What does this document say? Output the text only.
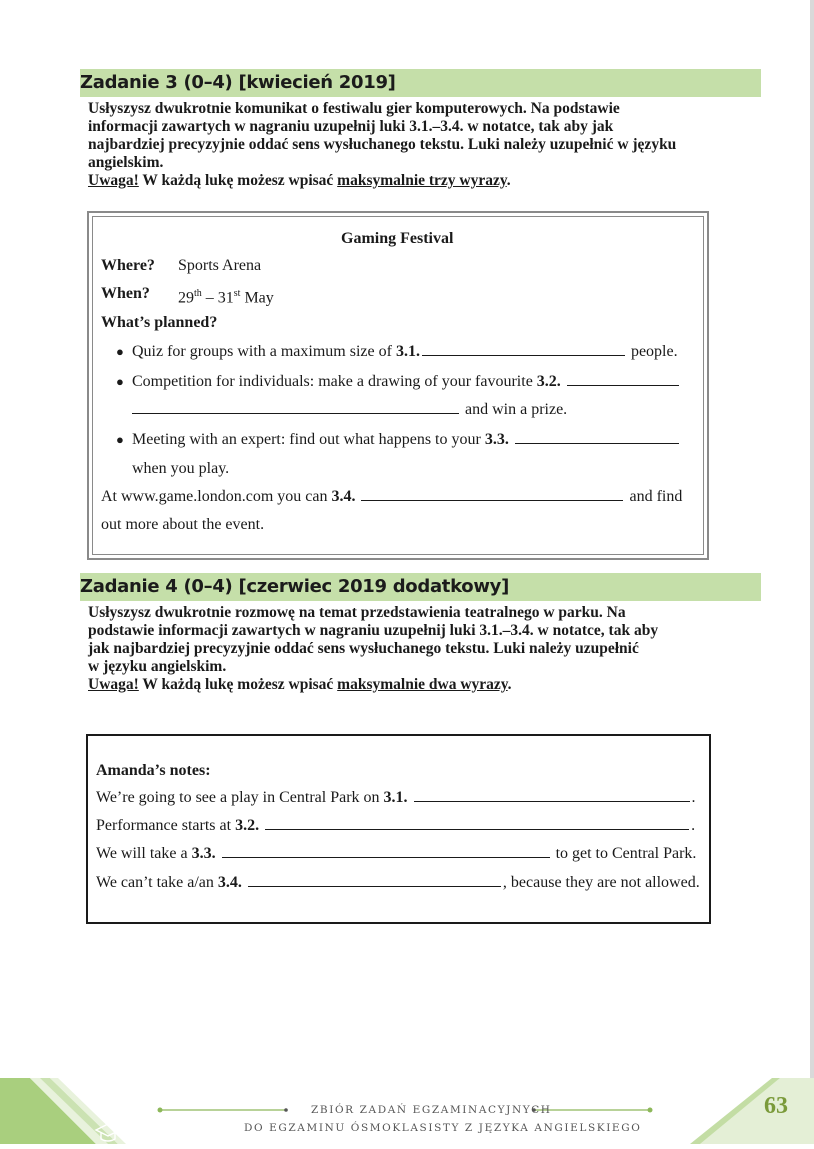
Zadanie 3 (0–4) [kwiecień 2019]
Usłyszysz dwukrotnie komunikat o festiwalu gier komputerowych. Na podstawie
informacji zawartych w nagraniu uzupełnij luki 3.1.–3.4. w notatce, tak aby jak
najbardziej precyzyjnie oddać sens wysłuchanego tekstu. Luki należy uzupełnić w języku
angielskim.
Uwaga! W każdą lukę możesz wpisać maksymalnie trzy wyrazy.
Gaming Festival
Where? Sports Arena
When? 29th – 31st May
What’s planned?
● Quiz for groups with a maximum size of 3.1.	people.
● Competition for individuals: make a drawing of your favourite 3.2.
and win a prize.
● Meeting with an expert: find out what happens to your 3.3.
when you play.
At www.game.london.com you can 3.4.	and find
out more about the event.
Zadanie 4 (0–4) [czerwiec 2019 dodatkowy]
Usłyszysz dwukrotnie rozmowę na temat przedstawienia teatralnego w parku. Na
podstawie informacji zawartych w nagraniu uzupełnij luki 3.1.–3.4. w notatce, tak aby
jak najbardziej precyzyjnie oddać sens wysłuchanego tekstu. Luki należy uzupełnić
w języku angielskim.
Uwaga! W każdą lukę możesz wpisać maksymalnie dwa wyrazy.
Amanda’s notes:
We’re going to see a play in Central Park on 3.1.	.
Performance starts at 3.2.	.
We will take a 3.3.	to get to Central Park.
We can’t take a/an 3.4.	, because they are not allowed.
ZBIÓR ZADAŃ EGZAMINACYJNYCH
DO EGZAMINU ÓSMOKLASISTY Z JĘZYKA ANGIELSKIEGO
63
